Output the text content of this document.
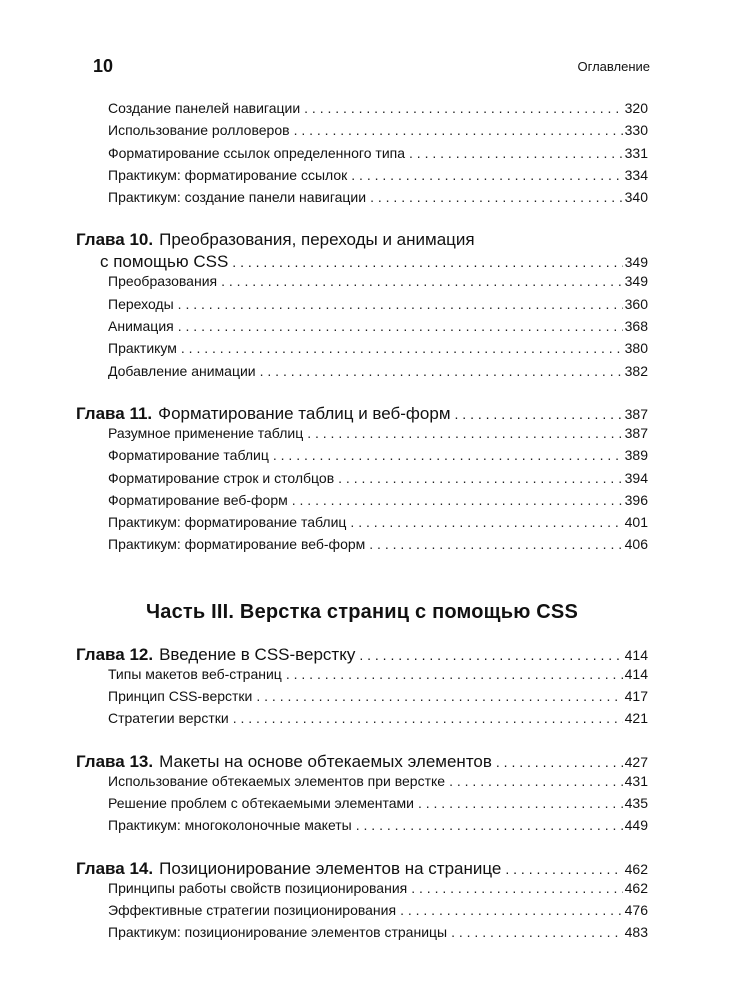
10	Оглавление
Создание панелей навигации . . .	320
Использование ролловеров . . .	330
Форматирование ссылок определенного типа . . .	331
Практикум: форматирование ссылок . . .	334
Практикум: создание панели навигации . . .	340
Глава 10. Преобразования, переходы и анимация
с помощью CSS . . .	349
Преобразования . . .	349
Переходы . . .	360
Анимация . . .	368
Практикум . . .	380
Добавление анимации . . .	382
Глава 11. Форматирование таблиц и веб-форм . . .	387
Разумное применение таблиц . . .	387
Форматирование таблиц . . .	389
Форматирование строк и столбцов . . .	394
Форматирование веб-форм . . .	396
Практикум: форматирование таблиц . . .	401
Практикум: форматирование веб-форм . . .	406
Часть III. Верстка страниц с помощью CSS
Глава 12. Введение в CSS-верстку . . .	414
Типы макетов веб-страниц . . .	414
Принцип CSS-верстки . . .	417
Стратегии верстки . . .	421
Глава 13. Макеты на основе обтекаемых элементов . . .	427
Использование обтекаемых элементов при верстке . . .	431
Решение проблем с обтекаемыми элементами . . .	435
Практикум: многоколоночные макеты . . .	449
Глава 14. Позиционирование элементов на странице . . .	462
Принципы работы свойств позиционирования . . .	462
Эффективные стратегии позиционирования . . .	476
Практикум: позиционирование элементов страницы . . .	483
